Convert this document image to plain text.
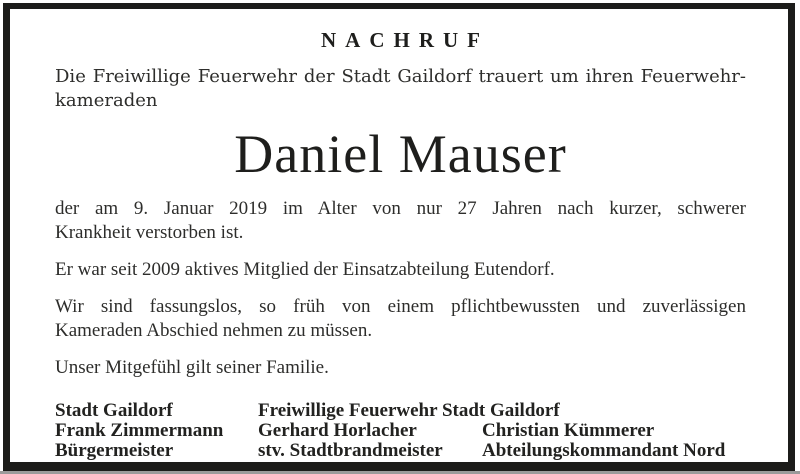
NACHRUF
Die Freiwillige Feuerwehr der Stadt Gaildorf trauert um ihren Feuerwehr-
kameraden
Daniel Mauser
der am 9. Januar 2019 im Alter von nur 27 Jahren nach kurzer, schwerer
Krankheit verstorben ist.
Er war seit 2009 aktives Mitglied der Einsatzabteilung Eutendorf.
Wir sind fassungslos, so früh von einem pflichtbewussten und zuverlässigen
Kameraden Abschied nehmen zu müssen.
Unser Mitgefühl gilt seiner Familie.
Stadt Gaildorf	Freiwillige Feuerwehr Stadt Gaildorf
Frank Zimmermann	Gerhard Horlacher	Christian Kümmerer
Bürgermeister	stv. Stadtbrandmeister	Abteilungskommandant Nord
